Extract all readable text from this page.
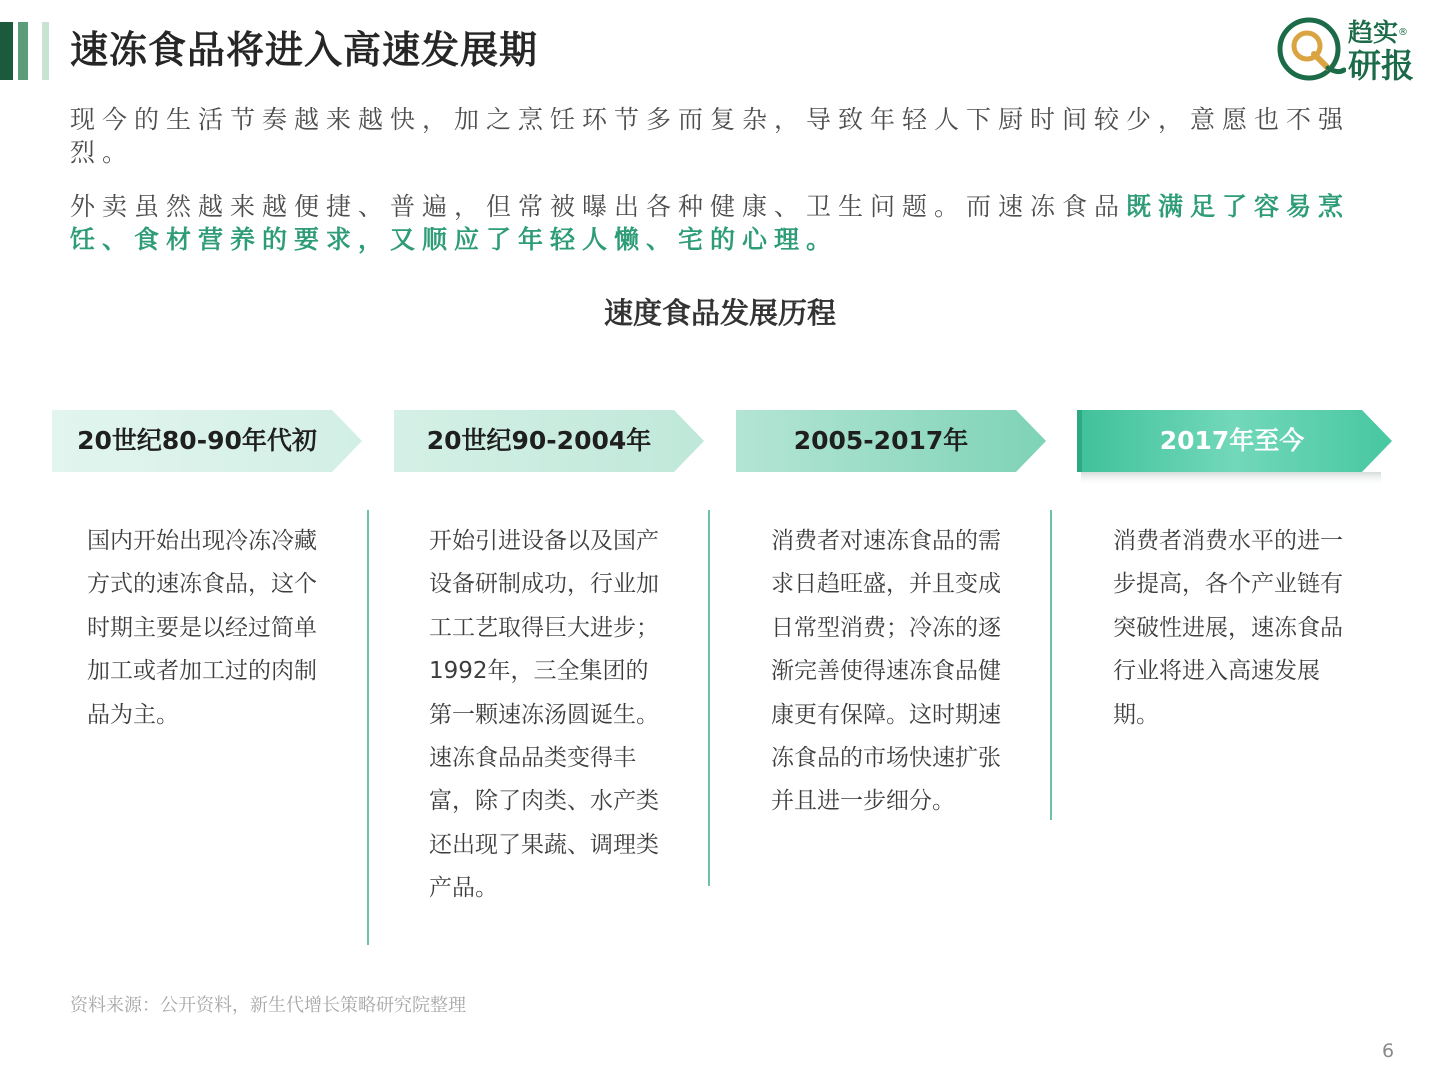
速冻食品将进入高速发展期	趋实®
研报
现今的生活节奏越来越快，加之烹饪环节多而复杂，导致年轻人下厨时间较少，意愿也不强烈。
外卖虽然越来越便捷、普遍，但常被曝出各种健康、卫生问题。而速冻食品既满足了容易烹饪、食材营养的要求，又顺应了年轻人懒、宅的心理。
速度食品发展历程
20世纪80-90年代初	20世纪90-2004年	2005-2017年	2017年至今
国内开始出现冷冻冷藏方式的速冻食品，这个时期主要是以经过简单加工或者加工过的肉制品为主。
开始引进设备以及国产设备研制成功，行业加工工艺取得巨大进步；1992年，三全集团的第一颗速冻汤圆诞生。速冻食品品类变得丰富，除了肉类、水产类还出现了果蔬、调理类产品。
消费者对速冻食品的需求日趋旺盛，并且变成日常型消费；冷冻的逐渐完善使得速冻食品健康更有保障。这时期速冻食品的市场快速扩张并且进一步细分。
消费者消费水平的进一步提高，各个产业链有突破性进展，速冻食品行业将进入高速发展期。
资料来源：公开资料，新生代增长策略研究院整理
6
